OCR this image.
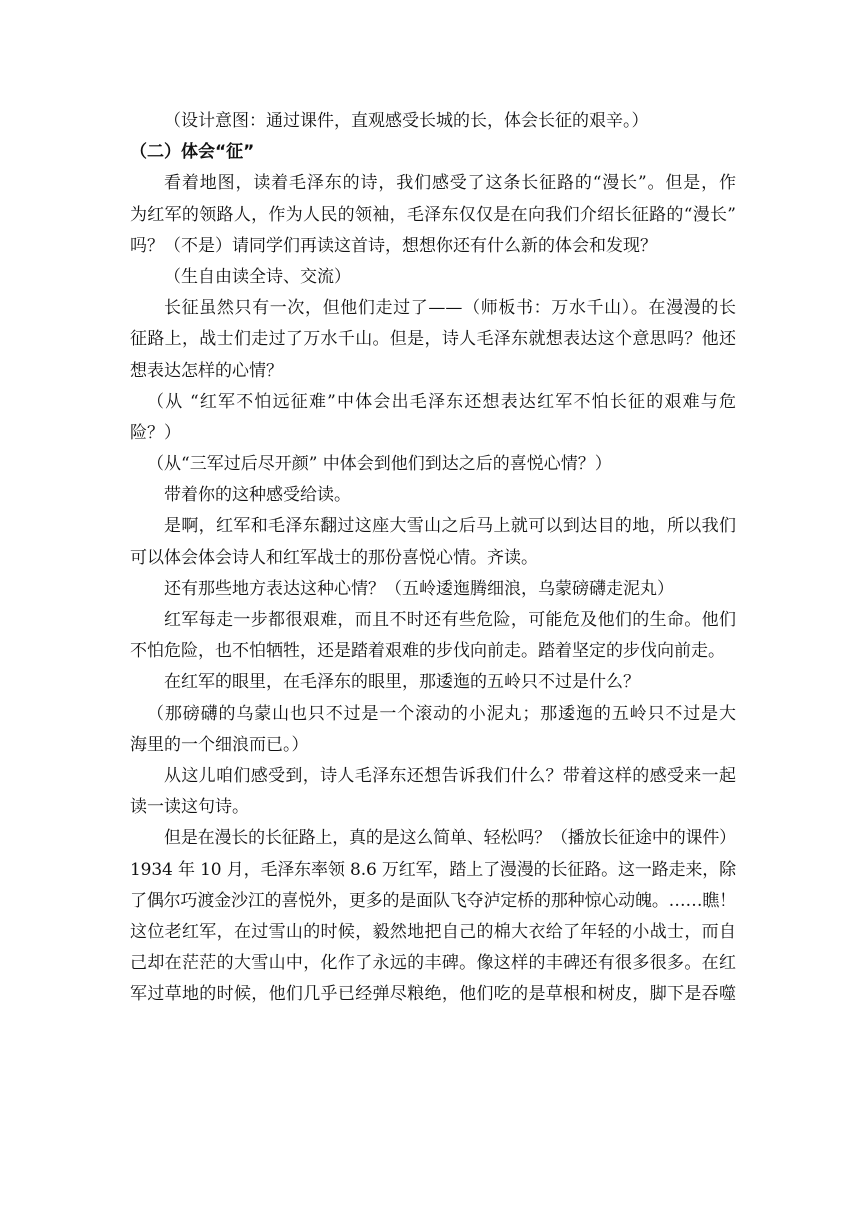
（设计意图：通过课件，直观感受长城的长，体会长征的艰辛。）
（二）体会“征”
看着地图，读着毛泽东的诗，我们感受了这条长征路的“漫长”。但是，作
为红军的领路人，作为人民的领袖，毛泽东仅仅是在向我们介绍长征路的“漫长”
吗？（不是）请同学们再读这首诗，想想你还有什么新的体会和发现？
（生自由读全诗、交流）
长征虽然只有一次，但他们走过了——（师板书：万水千山）。在漫漫的长
征路上，战士们走过了万水千山。但是，诗人毛泽东就想表达这个意思吗？他还
想表达怎样的心情？
（从 “红军不怕远征难”中体会出毛泽东还想表达红军不怕长征的艰难与危
险？）
（从“三军过后尽开颜” 中体会到他们到达之后的喜悦心情？）
带着你的这种感受给读。
是啊，红军和毛泽东翻过这座大雪山之后马上就可以到达目的地，所以我们
可以体会体会诗人和红军战士的那份喜悦心情。齐读。
还有那些地方表达这种心情？（五岭逶迤腾细浪，乌蒙磅礴走泥丸）
红军每走一步都很艰难，而且不时还有些危险，可能危及他们的生命。他们
不怕危险，也不怕牺牲，还是踏着艰难的步伐向前走。踏着坚定的步伐向前走。
在红军的眼里，在毛泽东的眼里，那逶迤的五岭只不过是什么？
（那磅礴的乌蒙山也只不过是一个滚动的小泥丸；那逶迤的五岭只不过是大
海里的一个细浪而已。）
从这儿咱们感受到，诗人毛泽东还想告诉我们什么？带着这样的感受来一起
读一读这句诗。
但是在漫长的长征路上，真的是这么简单、轻松吗？（播放长征途中的课件）
1934 年 10 月，毛泽东率领 8.6 万红军，踏上了漫漫的长征路。这一路走来，除
了偶尔巧渡金沙江的喜悦外，更多的是面队飞夺泸定桥的那种惊心动魄。……瞧！
这位老红军，在过雪山的时候，毅然地把自己的棉大衣给了年轻的小战士，而自
己却在茫茫的大雪山中，化作了永远的丰碑。像这样的丰碑还有很多很多。在红
军过草地的时候，他们几乎已经弹尽粮绝，他们吃的是草根和树皮，脚下是吞噬
